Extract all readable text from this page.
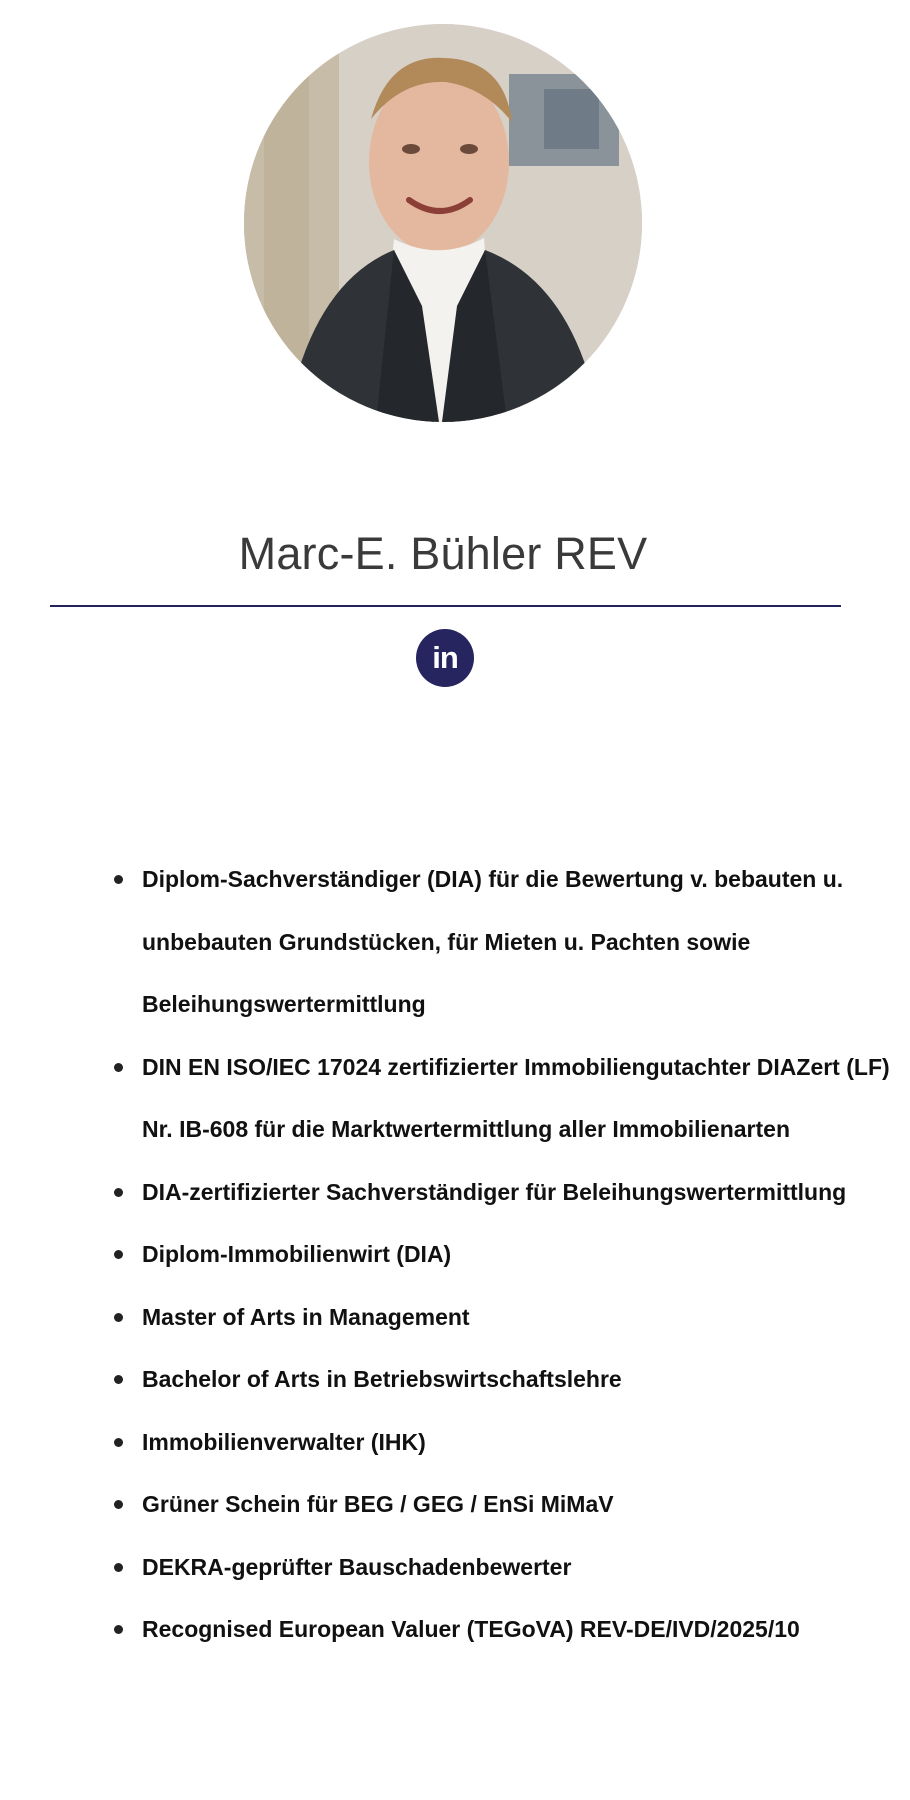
Marc-E. Bühler REV
in
Diplom-Sachverständiger (DIA) für die Bewertung v. bebauten u. unbebauten Grundstücken, für Mieten u. Pachten sowie Beleihungswertermittlung
DIN EN ISO/IEC 17024 zertifizierter Immobiliengutachter DIAZert (LF) Nr. IB-608 für die Marktwertermittlung aller Immobilienarten
DIA-zertifizierter Sachverständiger für Beleihungswertermittlung
Diplom-Immobilienwirt (DIA)
Master of Arts in Management
Bachelor of Arts in Betriebswirtschaftslehre
Immobilienverwalter (IHK)
Grüner Schein für BEG / GEG / EnSi MiMaV
DEKRA-geprüfter Bauschadenbewerter
Recognised European Valuer (TEGoVA) REV-DE/IVD/2025/10
